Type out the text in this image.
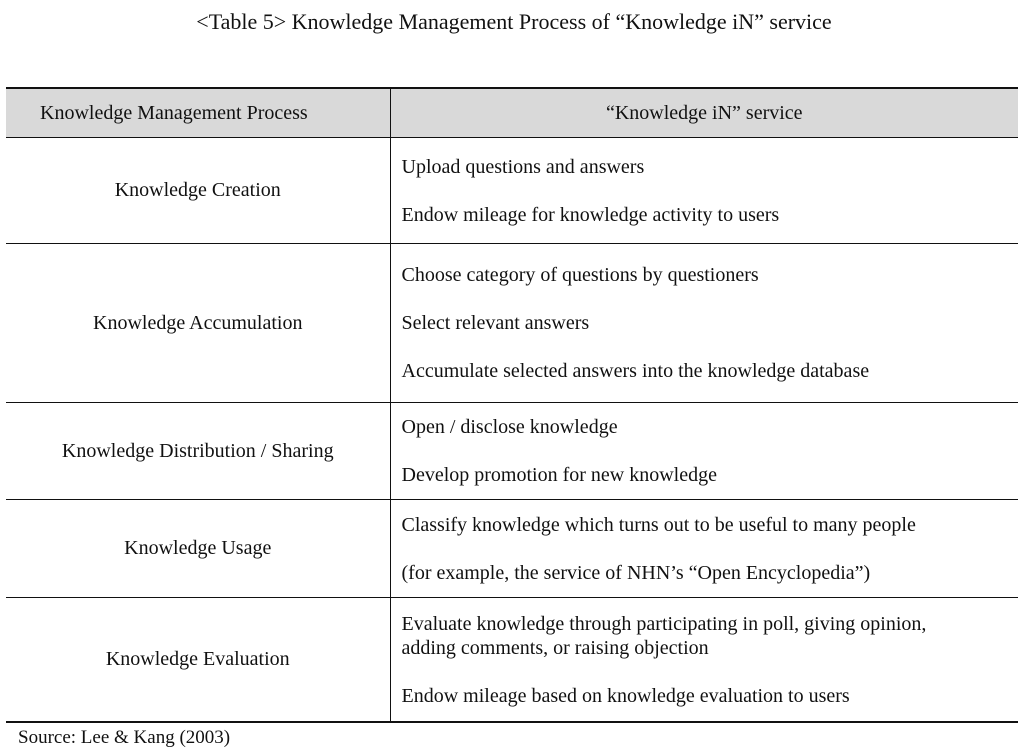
<Table 5> Knowledge Management Process of “Knowledge iN” service
Knowledge Management Process	“Knowledge iN” service
Knowledge Creation	Upload questions and answers
Endow mileage for knowledge activity to users

Knowledge Accumulation	Choose category of questions by questioners
Select relevant answers
Accumulate selected answers into the knowledge database

Knowledge Distribution / Sharing	Open / disclose knowledge
Develop promotion for new knowledge

Knowledge Usage	Classify knowledge which turns out to be useful to many people
(for example, the service of NHN’s “Open Encyclopedia”)

Knowledge Evaluation	Evaluate knowledge through participating in poll, giving opinion, adding comments, or raising objection
Endow mileage based on knowledge evaluation to users
Source: Lee & Kang (2003)
